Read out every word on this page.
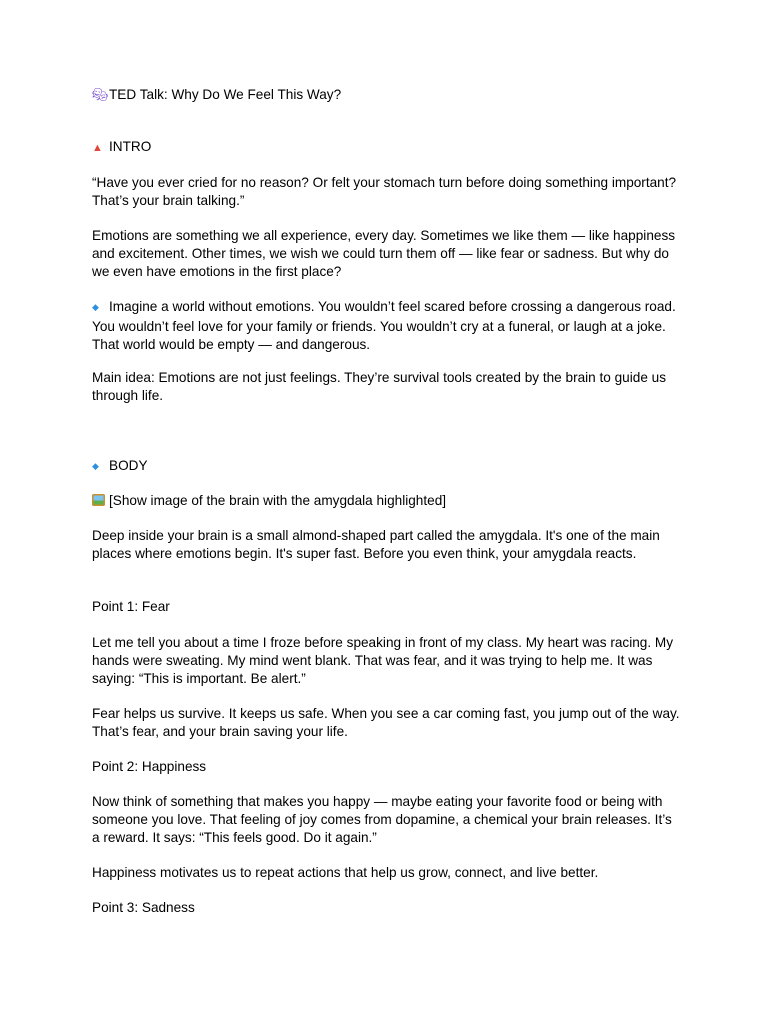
🎭︎TED Talk: Why Do We Feel This Way?

▲ INTRO

“Have you ever cried for no reason? Or felt your stomach turn before doing something important? That’s your brain talking.”

Emotions are something we all experience, every day. Sometimes we like them — like happiness and excitement. Other times, we wish we could turn them off — like fear or sadness. But why do we even have emotions in the first place?

◆ Imagine a world without emotions. You wouldn’t feel scared before crossing a dangerous road. You wouldn’t feel love for your family or friends. You wouldn’t cry at a funeral, or laugh at a joke. That world would be empty — and dangerous.

Main idea: Emotions are not just feelings. They’re survival tools created by the brain to guide us through life.

◆ BODY

[Show image of the brain with the amygdala highlighted]

Deep inside your brain is a small almond-shaped part called the amygdala. It's one of the main places where emotions begin. It's super fast. Before you even think, your amygdala reacts.

Point 1: Fear

Let me tell you about a time I froze before speaking in front of my class. My heart was racing. My hands were sweating. My mind went blank. That was fear, and it was trying to help me. It was saying: “This is important. Be alert.”

Fear helps us survive. It keeps us safe. When you see a car coming fast, you jump out of the way. That’s fear, and your brain saving your life.

Point 2: Happiness

Now think of something that makes you happy — maybe eating your favorite food or being with someone you love. That feeling of joy comes from dopamine, a chemical your brain releases. It’s a reward. It says: “This feels good. Do it again.”

Happiness motivates us to repeat actions that help us grow, connect, and live better.

Point 3: Sadness
